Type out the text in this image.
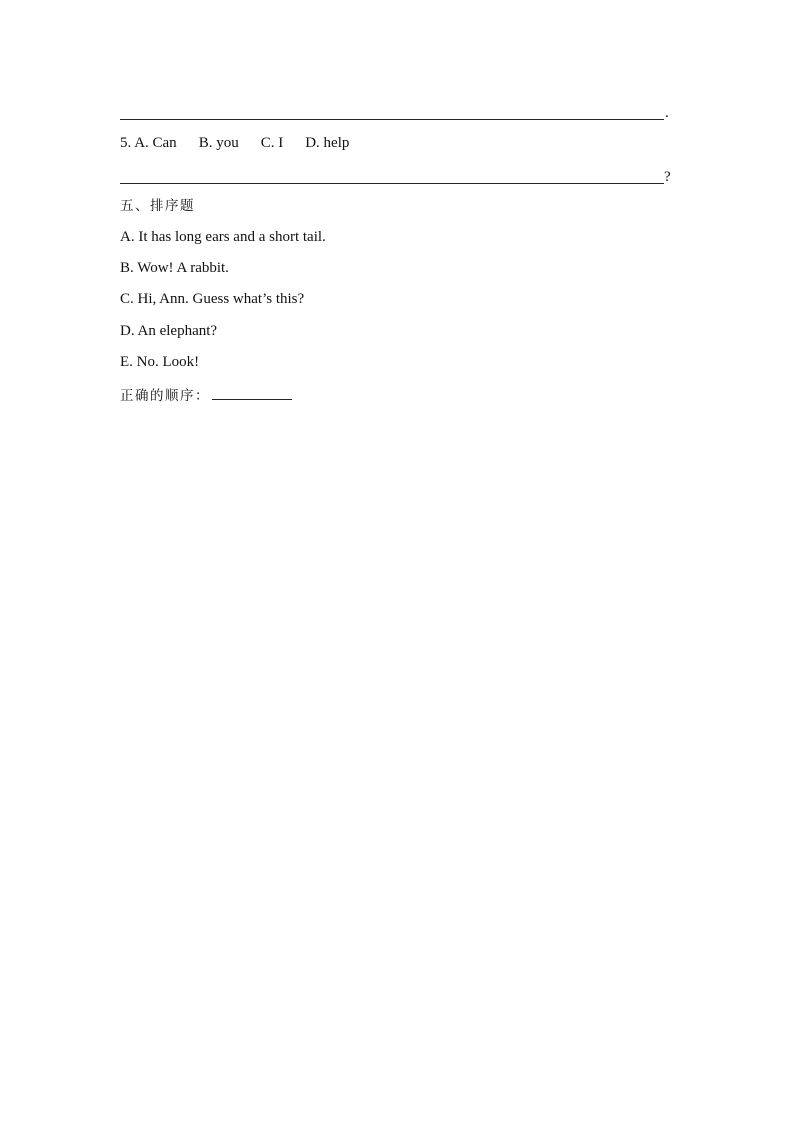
.
5. A. Can B. you C. I D. help
?
五、排序题
A. It has long ears and a short tail.
B. Wow! A rabbit.
C. Hi, Ann. Guess what’s this?
D. An elephant?
E. No. Look!
正确的顺序：
